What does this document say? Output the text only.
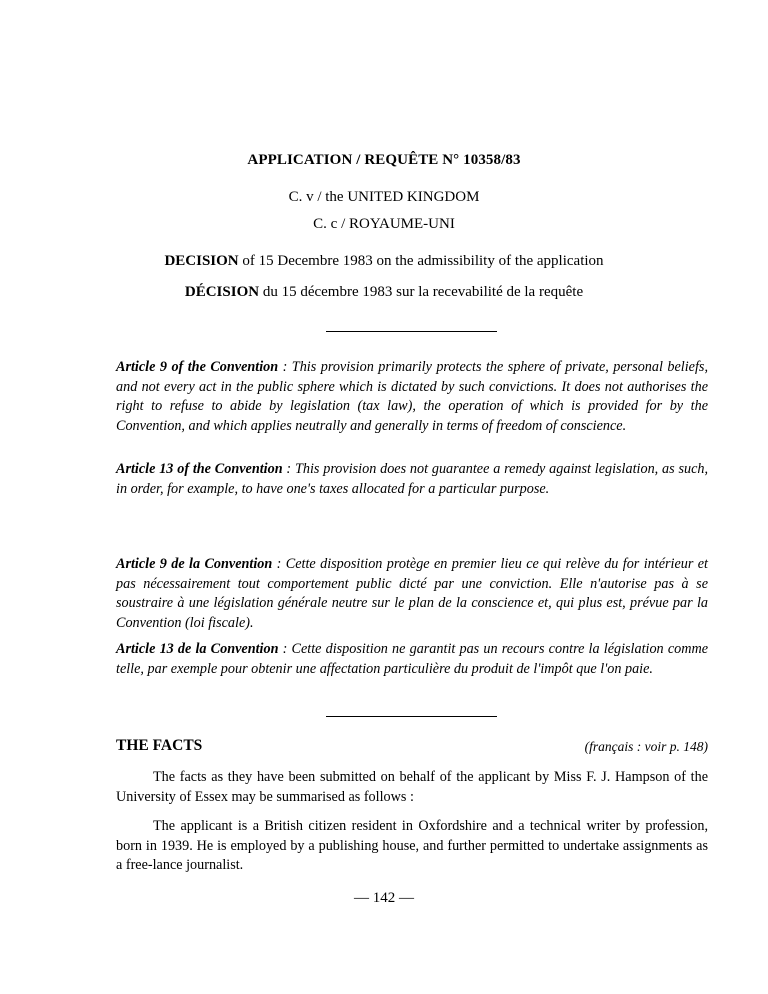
APPLICATION / REQUÊTE N° 10358/83
C. v / the UNITED KINGDOM
C. c / ROYAUME-UNI
DECISION of 15 Decembre 1983 on the admissibility of the application
DÉCISION du 15 décembre 1983 sur la recevabilité de la requête
Article 9 of the Convention : This provision primarily protects the sphere of private, personal beliefs, and not every act in the public sphere which is dictated by such convictions. It does not authorises the right to refuse to abide by legislation (tax law), the operation of which is provided for by the Convention, and which applies neutrally and generally in terms of freedom of conscience.
Article 13 of the Convention : This provision does not guarantee a remedy against legislation, as such, in order, for example, to have one's taxes allocated for a particular purpose.
Article 9 de la Convention : Cette disposition protège en premier lieu ce qui relève du for intérieur et pas nécessairement tout comportement public dicté par une conviction. Elle n'autorise pas à se soustraire à une législation générale neutre sur le plan de la conscience et, qui plus est, prévue par la Convention (loi fiscale).
Article 13 de la Convention : Cette disposition ne garantit pas un recours contre la législation comme telle, par exemple pour obtenir une affectation particulière du produit de l'impôt que l'on paie.
THE FACTS	(français : voir p. 148)
The facts as they have been submitted on behalf of the applicant by Miss F. J. Hampson of the University of Essex may be summarised as follows :
The applicant is a British citizen resident in Oxfordshire and a technical writer by profession, born in 1939. He is employed by a publishing house, and further permitted to undertake assignments as a free-lance journalist.
— 142 —
